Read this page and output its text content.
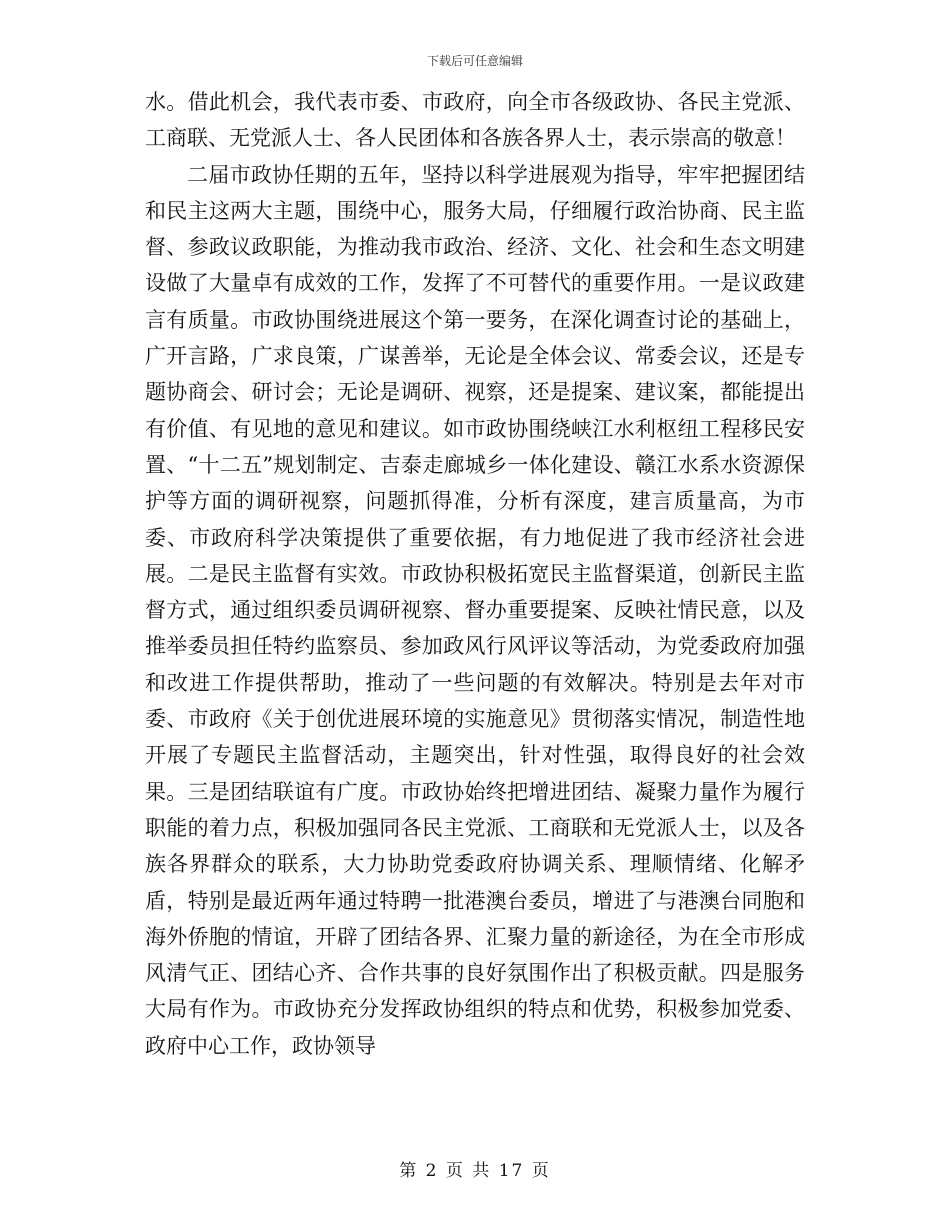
下载后可任意编辑

水。借此机会，我代表市委、市政府，向全市各级政协、各民主党派、工商联、无党派人士、各人民团体和各族各界人士，表示崇高的敬意！

二届市政协任期的五年，坚持以科学进展观为指导，牢牢把握团结和民主这两大主题，围绕中心，服务大局，仔细履行政治协商、民主监督、参政议政职能，为推动我市政治、经济、文化、社会和生态文明建设做了大量卓有成效的工作，发挥了不可替代的重要作用。一是议政建言有质量。市政协围绕进展这个第一要务，在深化调查讨论的基础上，广开言路，广求良策，广谋善举，无论是全体会议、常委会议，还是专题协商会、研讨会；无论是调研、视察，还是提案、建议案，都能提出有价值、有见地的意见和建议。如市政协围绕峡江水利枢纽工程移民安置、“十二五”规划制定、吉泰走廊城乡一体化建设、赣江水系水资源保护等方面的调研视察，问题抓得准，分析有深度，建言质量高，为市委、市政府科学决策提供了重要依据，有力地促进了我市经济社会进展。二是民主监督有实效。市政协积极拓宽民主监督渠道，创新民主监督方式，通过组织委员调研视察、督办重要提案、反映社情民意，以及推举委员担任特约监察员、参加政风行风评议等活动，为党委政府加强和改进工作提供帮助，推动了一些问题的有效解决。特别是去年对市委、市政府《关于创优进展环境的实施意见》贯彻落实情况，制造性地开展了专题民主监督活动，主题突出，针对性强，取得良好的社会效果。三是团结联谊有广度。市政协始终把增进团结、凝聚力量作为履行职能的着力点，积极加强同各民主党派、工商联和无党派人士，以及各族各界群众的联系，大力协助党委政府协调关系、理顺情绪、化解矛盾，特别是最近两年通过特聘一批港澳台委员，增进了与港澳台同胞和海外侨胞的情谊，开辟了团结各界、汇聚力量的新途径，为在全市形成风清气正、团结心齐、合作共事的良好氛围作出了积极贡献。四是服务大局有作为。市政协充分发挥政协组织的特点和优势，积极参加党委、政府中心工作，政协领导

第 2 页 共 17 页
